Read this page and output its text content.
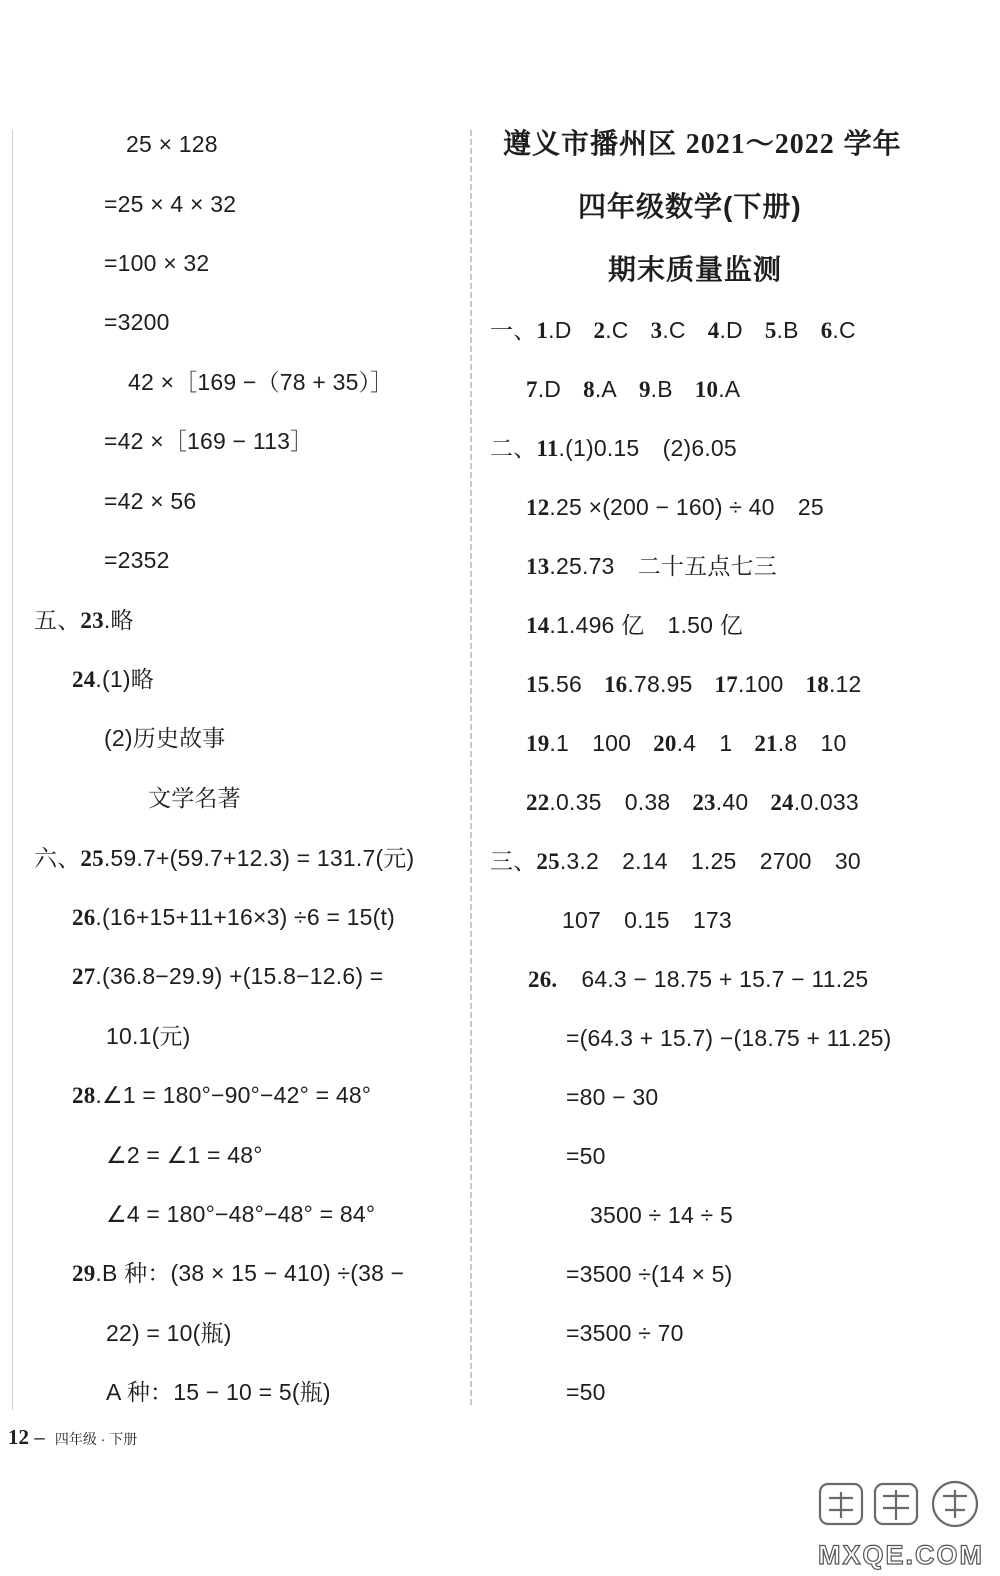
25 × 128
=25 × 4 × 32
=100 × 32
=3200
42 ×［169 −（78 + 35）］
=42 ×［169 − 113］
=42 × 56
=2352
五、23.略
24.(1)略
(2)历史故事
文学名著
六、25.59.7+(59.7+12.3) = 131.7(元)
26.(16+15+11+16×3) ÷6 = 15(t)
27.(36.8−29.9) +(15.8−12.6) =
10.1(元)
28.∠1 = 180°−90°−42° = 48°
∠2 = ∠1 = 48°
∠4 = 180°−48°−48° = 84°
29.B 种：(38 × 15 − 410) ÷(38 −
22) = 10(瓶)
A 种：15 − 10 = 5(瓶)
遵义市播州区 2021～2022 学年
四年级数学(下册)
期末质量监测
一、1.D 2.C 3.C 4.D 5.B 6.C
7.D 8.A 9.B 10.A
二、11.(1)0.15　(2)6.05
12.25 ×(200 − 160) ÷ 40　25
13.25.73　二十五点七三
14.1.496 亿　1.50 亿
15.56 16.78.95 17.100 18.12
19.1　100 20.4　1 21.8　10
22.0.35　0.38 23.40 24.0.033
三、25.3.2　2.14　1.25　2700　30
107　0.15　173
26. 64.3 − 18.75 + 15.7 − 11.25
=(64.3 + 15.7) −(18.75 + 11.25)
=80 − 30
=50
3500 ÷ 14 ÷ 5
=3500 ÷(14 × 5)
=3500 ÷ 70
=50
12 – 四年级 · 下册
MXQE.COM
